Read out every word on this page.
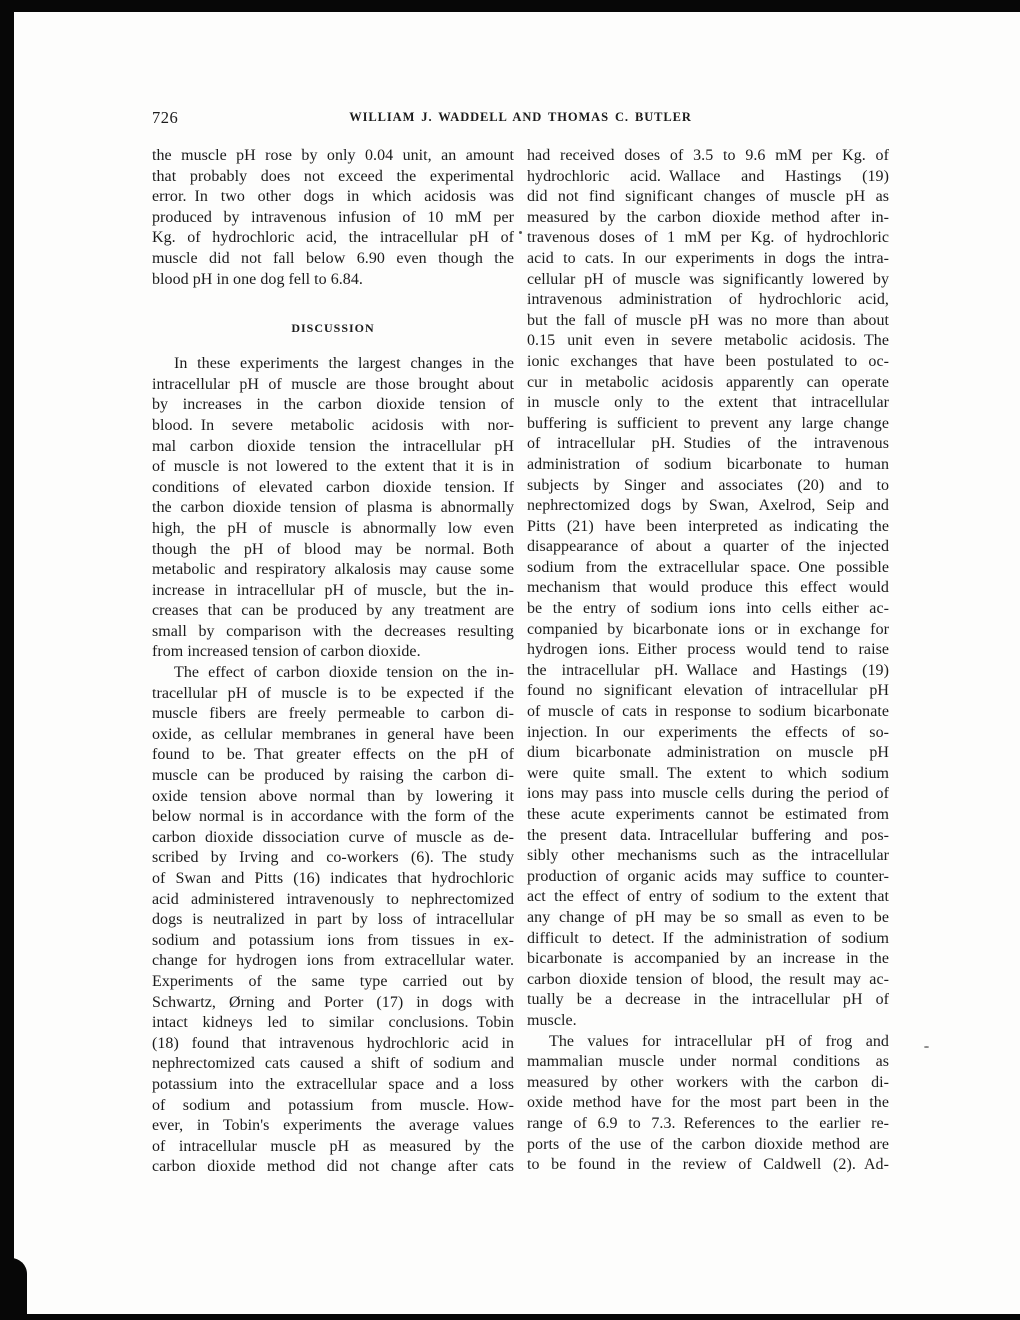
726	WILLIAM J. WADDELL AND THOMAS C. BUTLER
the muscle pH rose by only 0.04 unit, an amount
that probably does not exceed the experimental
error. In two other dogs in which acidosis was
produced by intravenous infusion of 10 mM per
Kg. of hydrochloric acid, the intracellular pH of
muscle did not fall below 6.90 even though the
blood pH in one dog fell to 6.84.
DISCUSSION
In these experiments the largest changes in the
intracellular pH of muscle are those brought about
by increases in the carbon dioxide tension of
blood. In severe metabolic acidosis with nor-
mal carbon dioxide tension the intracellular pH
of muscle is not lowered to the extent that it is in
conditions of elevated carbon dioxide tension. If
the carbon dioxide tension of plasma is abnormally
high, the pH of muscle is abnormally low even
though the pH of blood may be normal. Both
metabolic and respiratory alkalosis may cause some
increase in intracellular pH of muscle, but the in-
creases that can be produced by any treatment are
small by comparison with the decreases resulting
from increased tension of carbon dioxide.
The effect of carbon dioxide tension on the in-
tracellular pH of muscle is to be expected if the
muscle fibers are freely permeable to carbon di-
oxide, as cellular membranes in general have been
found to be. That greater effects on the pH of
muscle can be produced by raising the carbon di-
oxide tension above normal than by lowering it
below normal is in accordance with the form of the
carbon dioxide dissociation curve of muscle as de-
scribed by Irving and co-workers (6). The study
of Swan and Pitts (16) indicates that hydrochloric
acid administered intravenously to nephrectomized
dogs is neutralized in part by loss of intracellular
sodium and potassium ions from tissues in ex-
change for hydrogen ions from extracellular water.
Experiments of the same type carried out by
Schwartz, Ørning and Porter (17) in dogs with
intact kidneys led to similar conclusions. Tobin
(18) found that intravenous hydrochloric acid in
nephrectomized cats caused a shift of sodium and
potassium into the extracellular space and a loss
of sodium and potassium from muscle. How-
ever, in Tobin's experiments the average values
of intracellular muscle pH as measured by the
carbon dioxide method did not change after cats
had received doses of 3.5 to 9.6 mM per Kg. of
hydrochloric acid. Wallace and Hastings (19)
did not find significant changes of muscle pH as
measured by the carbon dioxide method after in-
travenous doses of 1 mM per Kg. of hydrochloric
acid to cats. In our experiments in dogs the intra-
cellular pH of muscle was significantly lowered by
intravenous administration of hydrochloric acid,
but the fall of muscle pH was no more than about
0.15 unit even in severe metabolic acidosis. The
ionic exchanges that have been postulated to oc-
cur in metabolic acidosis apparently can operate
in muscle only to the extent that intracellular
buffering is sufficient to prevent any large change
of intracellular pH. Studies of the intravenous
administration of sodium bicarbonate to human
subjects by Singer and associates (20) and to
nephrectomized dogs by Swan, Axelrod, Seip and
Pitts (21) have been interpreted as indicating the
disappearance of about a quarter of the injected
sodium from the extracellular space. One possible
mechanism that would produce this effect would
be the entry of sodium ions into cells either ac-
companied by bicarbonate ions or in exchange for
hydrogen ions. Either process would tend to raise
the intracellular pH. Wallace and Hastings (19)
found no significant elevation of intracellular pH
of muscle of cats in response to sodium bicarbonate
injection. In our experiments the effects of so-
dium bicarbonate administration on muscle pH
were quite small. The extent to which sodium
ions may pass into muscle cells during the period of
these acute experiments cannot be estimated from
the present data. Intracellular buffering and pos-
sibly other mechanisms such as the intracellular
production of organic acids may suffice to counter-
act the effect of entry of sodium to the extent that
any change of pH may be so small as even to be
difficult to detect. If the administration of sodium
bicarbonate is accompanied by an increase in the
carbon dioxide tension of blood, the result may ac-
tually be a decrease in the intracellular pH of
muscle.
The values for intracellular pH of frog and
mammalian muscle under normal conditions as
measured by other workers with the carbon di-
oxide method have for the most part been in the
range of 6.9 to 7.3. References to the earlier re-
ports of the use of the carbon dioxide method are
to be found in the review of Caldwell (2). Ad-
